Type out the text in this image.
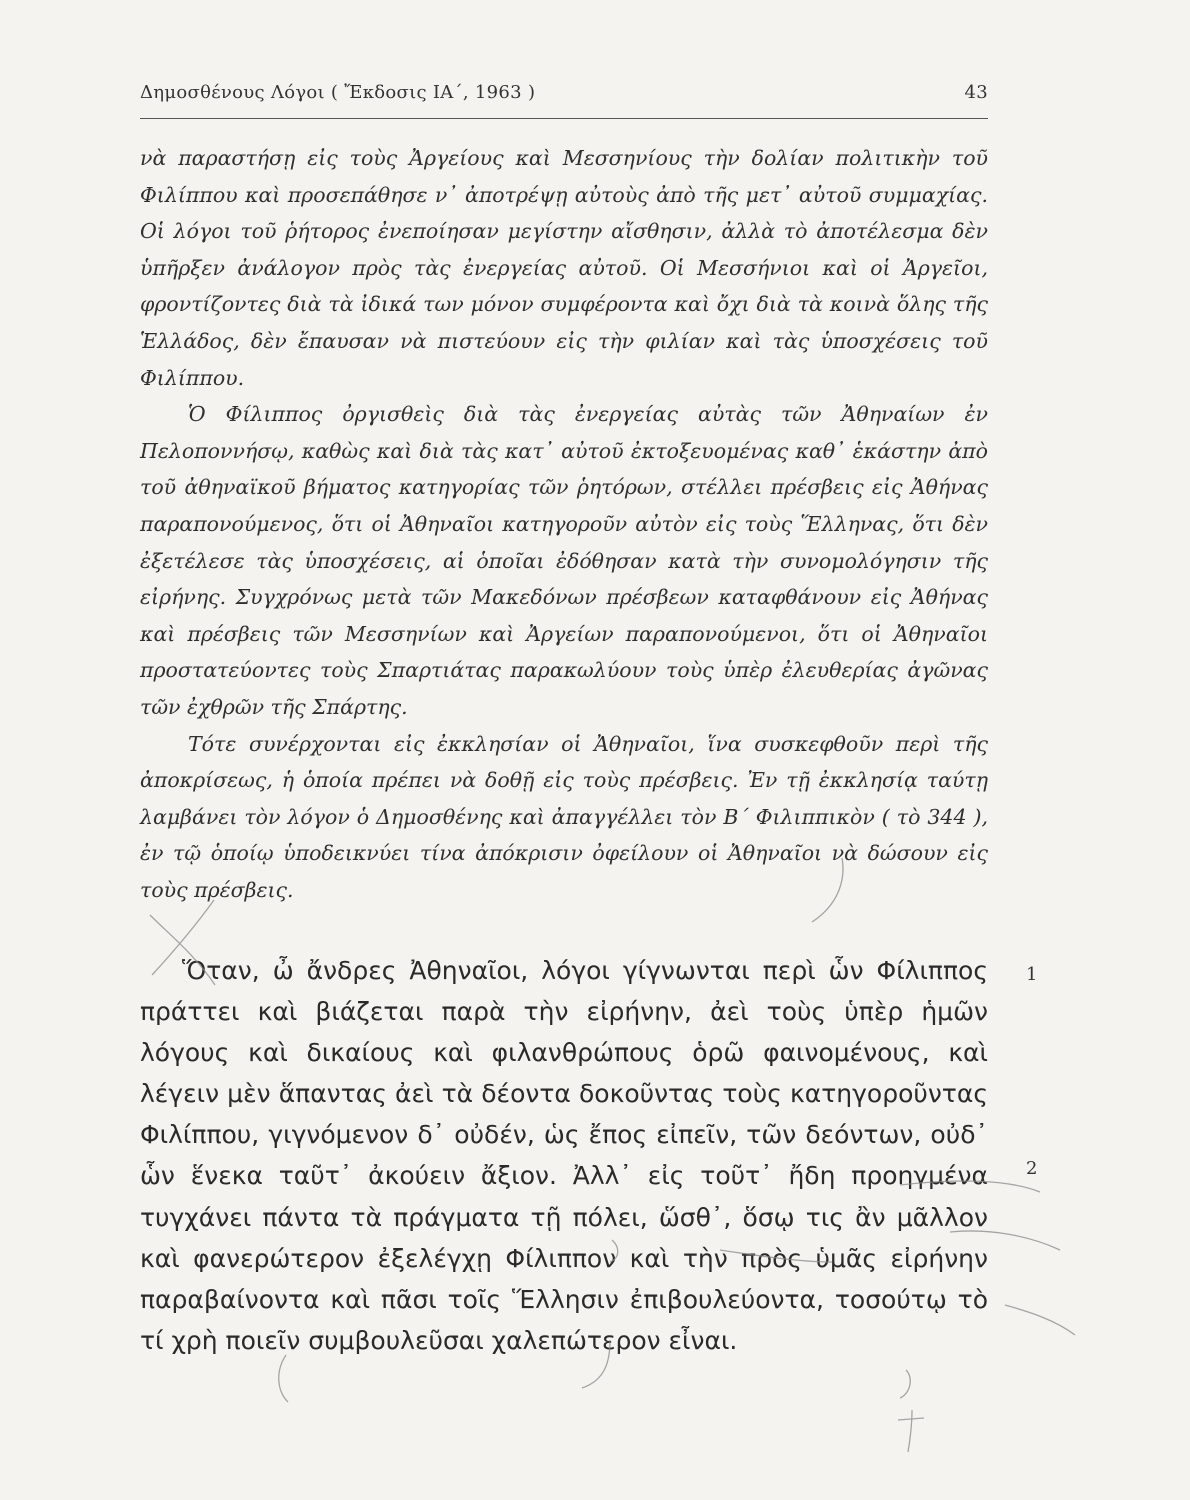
Δημοσθένους Λόγοι ( Ἔκδοσις ΙΑ΄, 1963 )	43

νὰ παραστήσῃ εἰς τοὺς Ἀργείους καὶ Μεσσηνίους τὴν δολίαν πολιτικὴν τοῦ Φιλίππου καὶ προσεπάθησε ν᾽ ἀποτρέψῃ αὐτοὺς ἀπὸ τῆς μετ᾽ αὐτοῦ συμμαχίας. Οἱ λόγοι τοῦ ῥήτορος ἐνεποίησαν μεγίστην αἴσθησιν, ἀλλὰ τὸ ἀποτέλεσμα δὲν ὑπῆρξεν ἀνάλογον πρὸς τὰς ἐνεργείας αὐτοῦ. Οἱ Μεσσήνιοι καὶ οἱ Ἀργεῖοι, φροντίζοντες διὰ τὰ ἰδικά των μόνον συμφέροντα καὶ ὄχι διὰ τὰ κοινὰ ὅλης τῆς Ἑλλάδος, δὲν ἔπαυσαν νὰ πιστεύουν εἰς τὴν φιλίαν καὶ τὰς ὑποσχέσεις τοῦ Φιλίππου.

Ὁ Φίλιππος ὀργισθεὶς διὰ τὰς ἐνεργείας αὐτὰς τῶν Ἀθηναίων ἐν Πελοποννήσῳ, καθὼς καὶ διὰ τὰς κατ᾽ αὐτοῦ ἐκτοξευομένας καθ᾽ ἑκάστην ἀπὸ τοῦ ἀθηναϊκοῦ βήματος κατηγορίας τῶν ῥητόρων, στέλλει πρέσβεις εἰς Ἀθήνας παραπονούμενος, ὅτι οἱ Ἀθηναῖοι κατηγοροῦν αὐτὸν εἰς τοὺς Ἕλληνας, ὅτι δὲν ἐξετέλεσε τὰς ὑποσχέσεις, αἱ ὁποῖαι ἐδόθησαν κατὰ τὴν συνομολόγησιν τῆς εἰρήνης. Συγχρόνως μετὰ τῶν Μακεδόνων πρέσβεων καταφθάνουν εἰς Ἀθήνας καὶ πρέσβεις τῶν Μεσσηνίων καὶ Ἀργείων παραπονούμενοι, ὅτι οἱ Ἀθηναῖοι προστατεύοντες τοὺς Σπαρτιάτας παρακωλύουν τοὺς ὑπὲρ ἐλευθερίας ἀγῶνας τῶν ἐχθρῶν τῆς Σπάρτης.

Τότε συνέρχονται εἰς ἐκκλησίαν οἱ Ἀθηναῖοι, ἵνα συσκεφθοῦν περὶ τῆς ἀποκρίσεως, ἡ ὁποία πρέπει νὰ δοθῇ εἰς τοὺς πρέσβεις. Ἐν τῇ ἐκκλησίᾳ ταύτῃ λαμβάνει τὸν λόγον ὁ Δημοσθένης καὶ ἀπαγγέλλει τὸν Β΄ Φιλιππικὸν ( τὸ 344 ), ἐν τῷ ὁποίῳ ὑποδεικνύει τίνα ἀπόκρισιν ὀφείλουν οἱ Ἀθηναῖοι νὰ δώσουν εἰς τοὺς πρέσβεις.

Ὅταν, ὦ ἄνδρες Ἀθηναῖοι, λόγοι γίγνωνται περὶ ὧν Φίλιππος πράττει καὶ βιάζεται παρὰ τὴν εἰρήνην, ἀεὶ τοὺς ὑπὲρ ἡμῶν λόγους καὶ δικαίους καὶ φιλανθρώπους ὁρῶ φαινομένους, καὶ λέγειν μὲν ἅπαντας ἀεὶ τὰ δέοντα δοκοῦντας τοὺς κατηγοροῦντας Φιλίππου, γιγνόμενον δ᾽ οὐδέν, ὡς ἔπος εἰπεῖν, τῶν δεόντων, οὐδ᾽ ὧν ἕνεκα ταῦτ᾽ ἀκούειν ἄξιον. Ἀλλ᾽ εἰς τοῦτ᾽ ἤδη προηγμένα τυγχάνει πάντα τὰ πράγματα τῇ πόλει, ὥσθ᾽, ὅσῳ τις ἂν μᾶλλον καὶ φανερώτερον ἐξελέγχῃ Φίλιππον καὶ τὴν πρὸς ὑμᾶς εἰρήνην παραβαίνοντα καὶ πᾶσι τοῖς Ἕλλησιν ἐπιβουλεύοντα, τοσούτῳ τὸ τί χρὴ ποιεῖν συμβουλεῦσαι χαλεπώτερον εἶναι.

1
2
